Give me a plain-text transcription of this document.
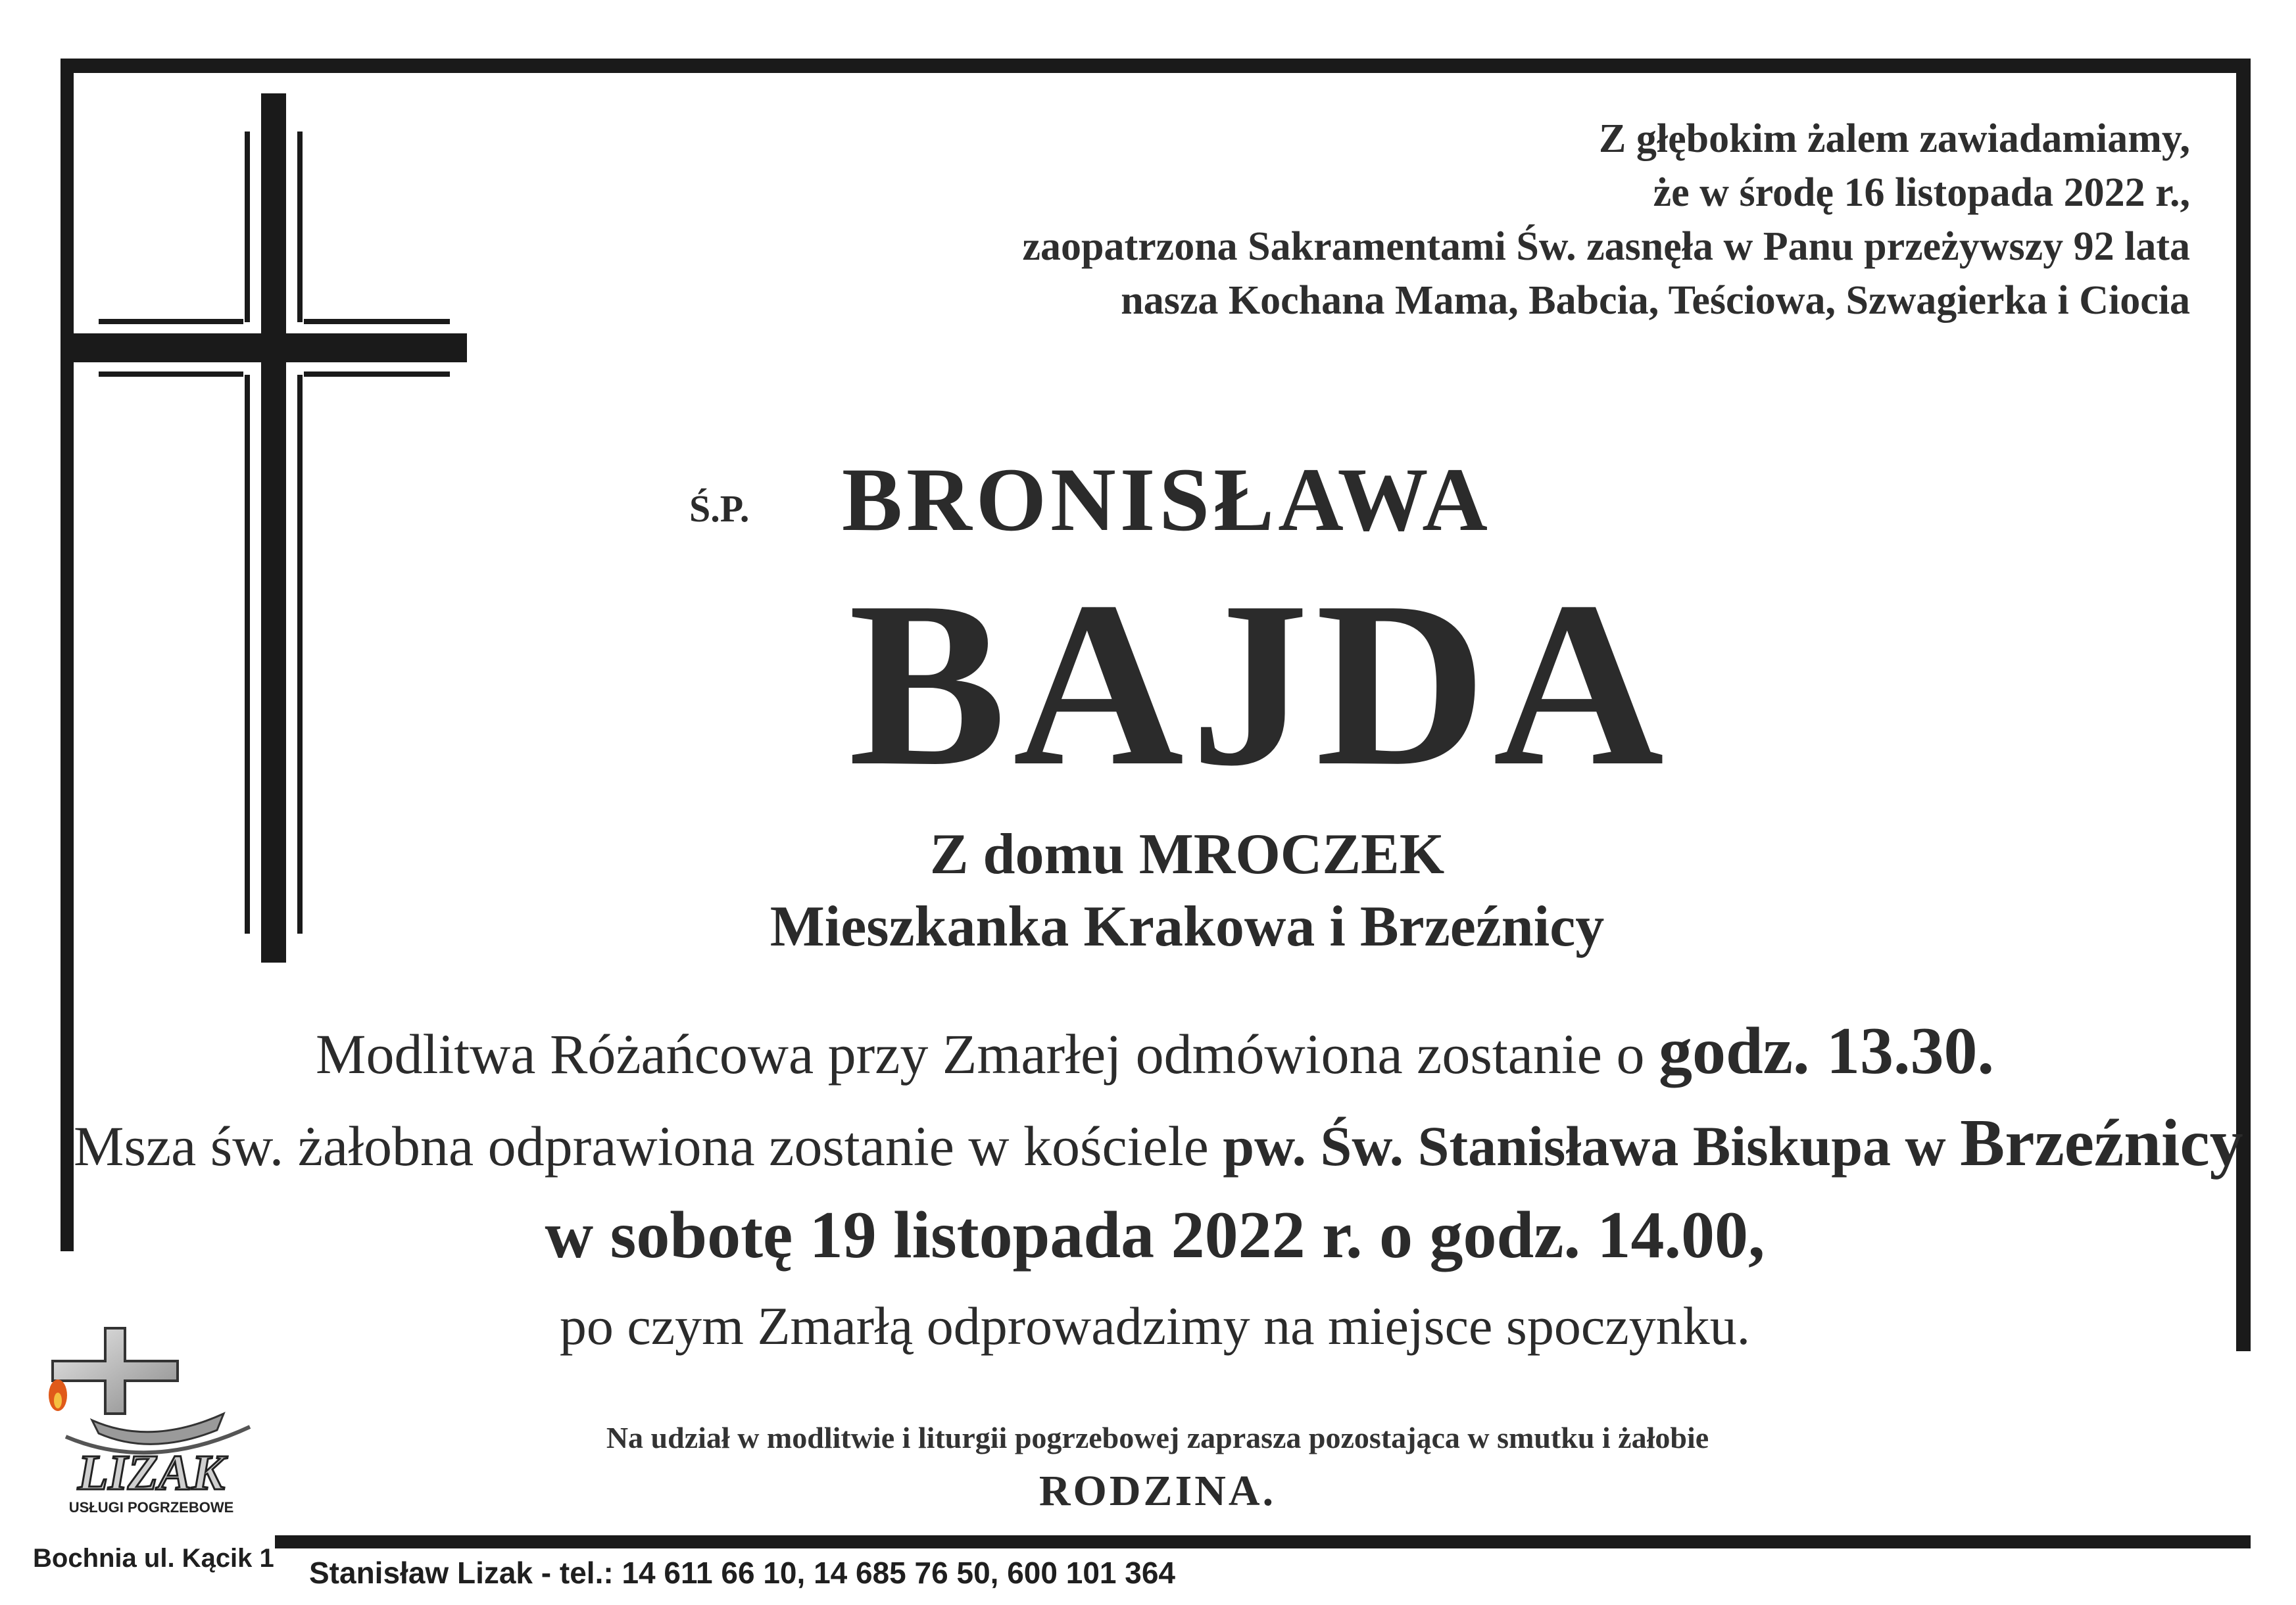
Z głębokim żalem zawiadamiamy,
że w środę 16 listopada 2022 r.,
zaopatrzona Sakramentami Św. zasnęła w Panu przeżywszy 92 lata
nasza Kochana Mama, Babcia, Teściowa, Szwagierka i Ciocia
Ś.P. BRONISŁAWA
BAJDA
Z domu MROCZEK
Mieszkanka Krakowa i Brzeźnicy
Modlitwa Różańcowa przy Zmarłej odmówiona zostanie o godz. 13.30.
Msza św. żałobna odprawiona zostanie w kościele pw. Św. Stanisława Biskupa w Brzeźnicy
w sobotę 19 listopada 2022 r. o godz. 14.00,
po czym Zmarłą odprowadzimy na miejsce spoczynku.
Na udział w modlitwie i liturgii pogrzebowej zaprasza pozostająca w smutku i żałobie
RODZINA.
LIZAK
USŁUGI POGRZEBOWE
Bochnia ul. Kącik 1 Stanisław Lizak - tel.: 14 611 66 10, 14 685 76 50, 600 101 364
